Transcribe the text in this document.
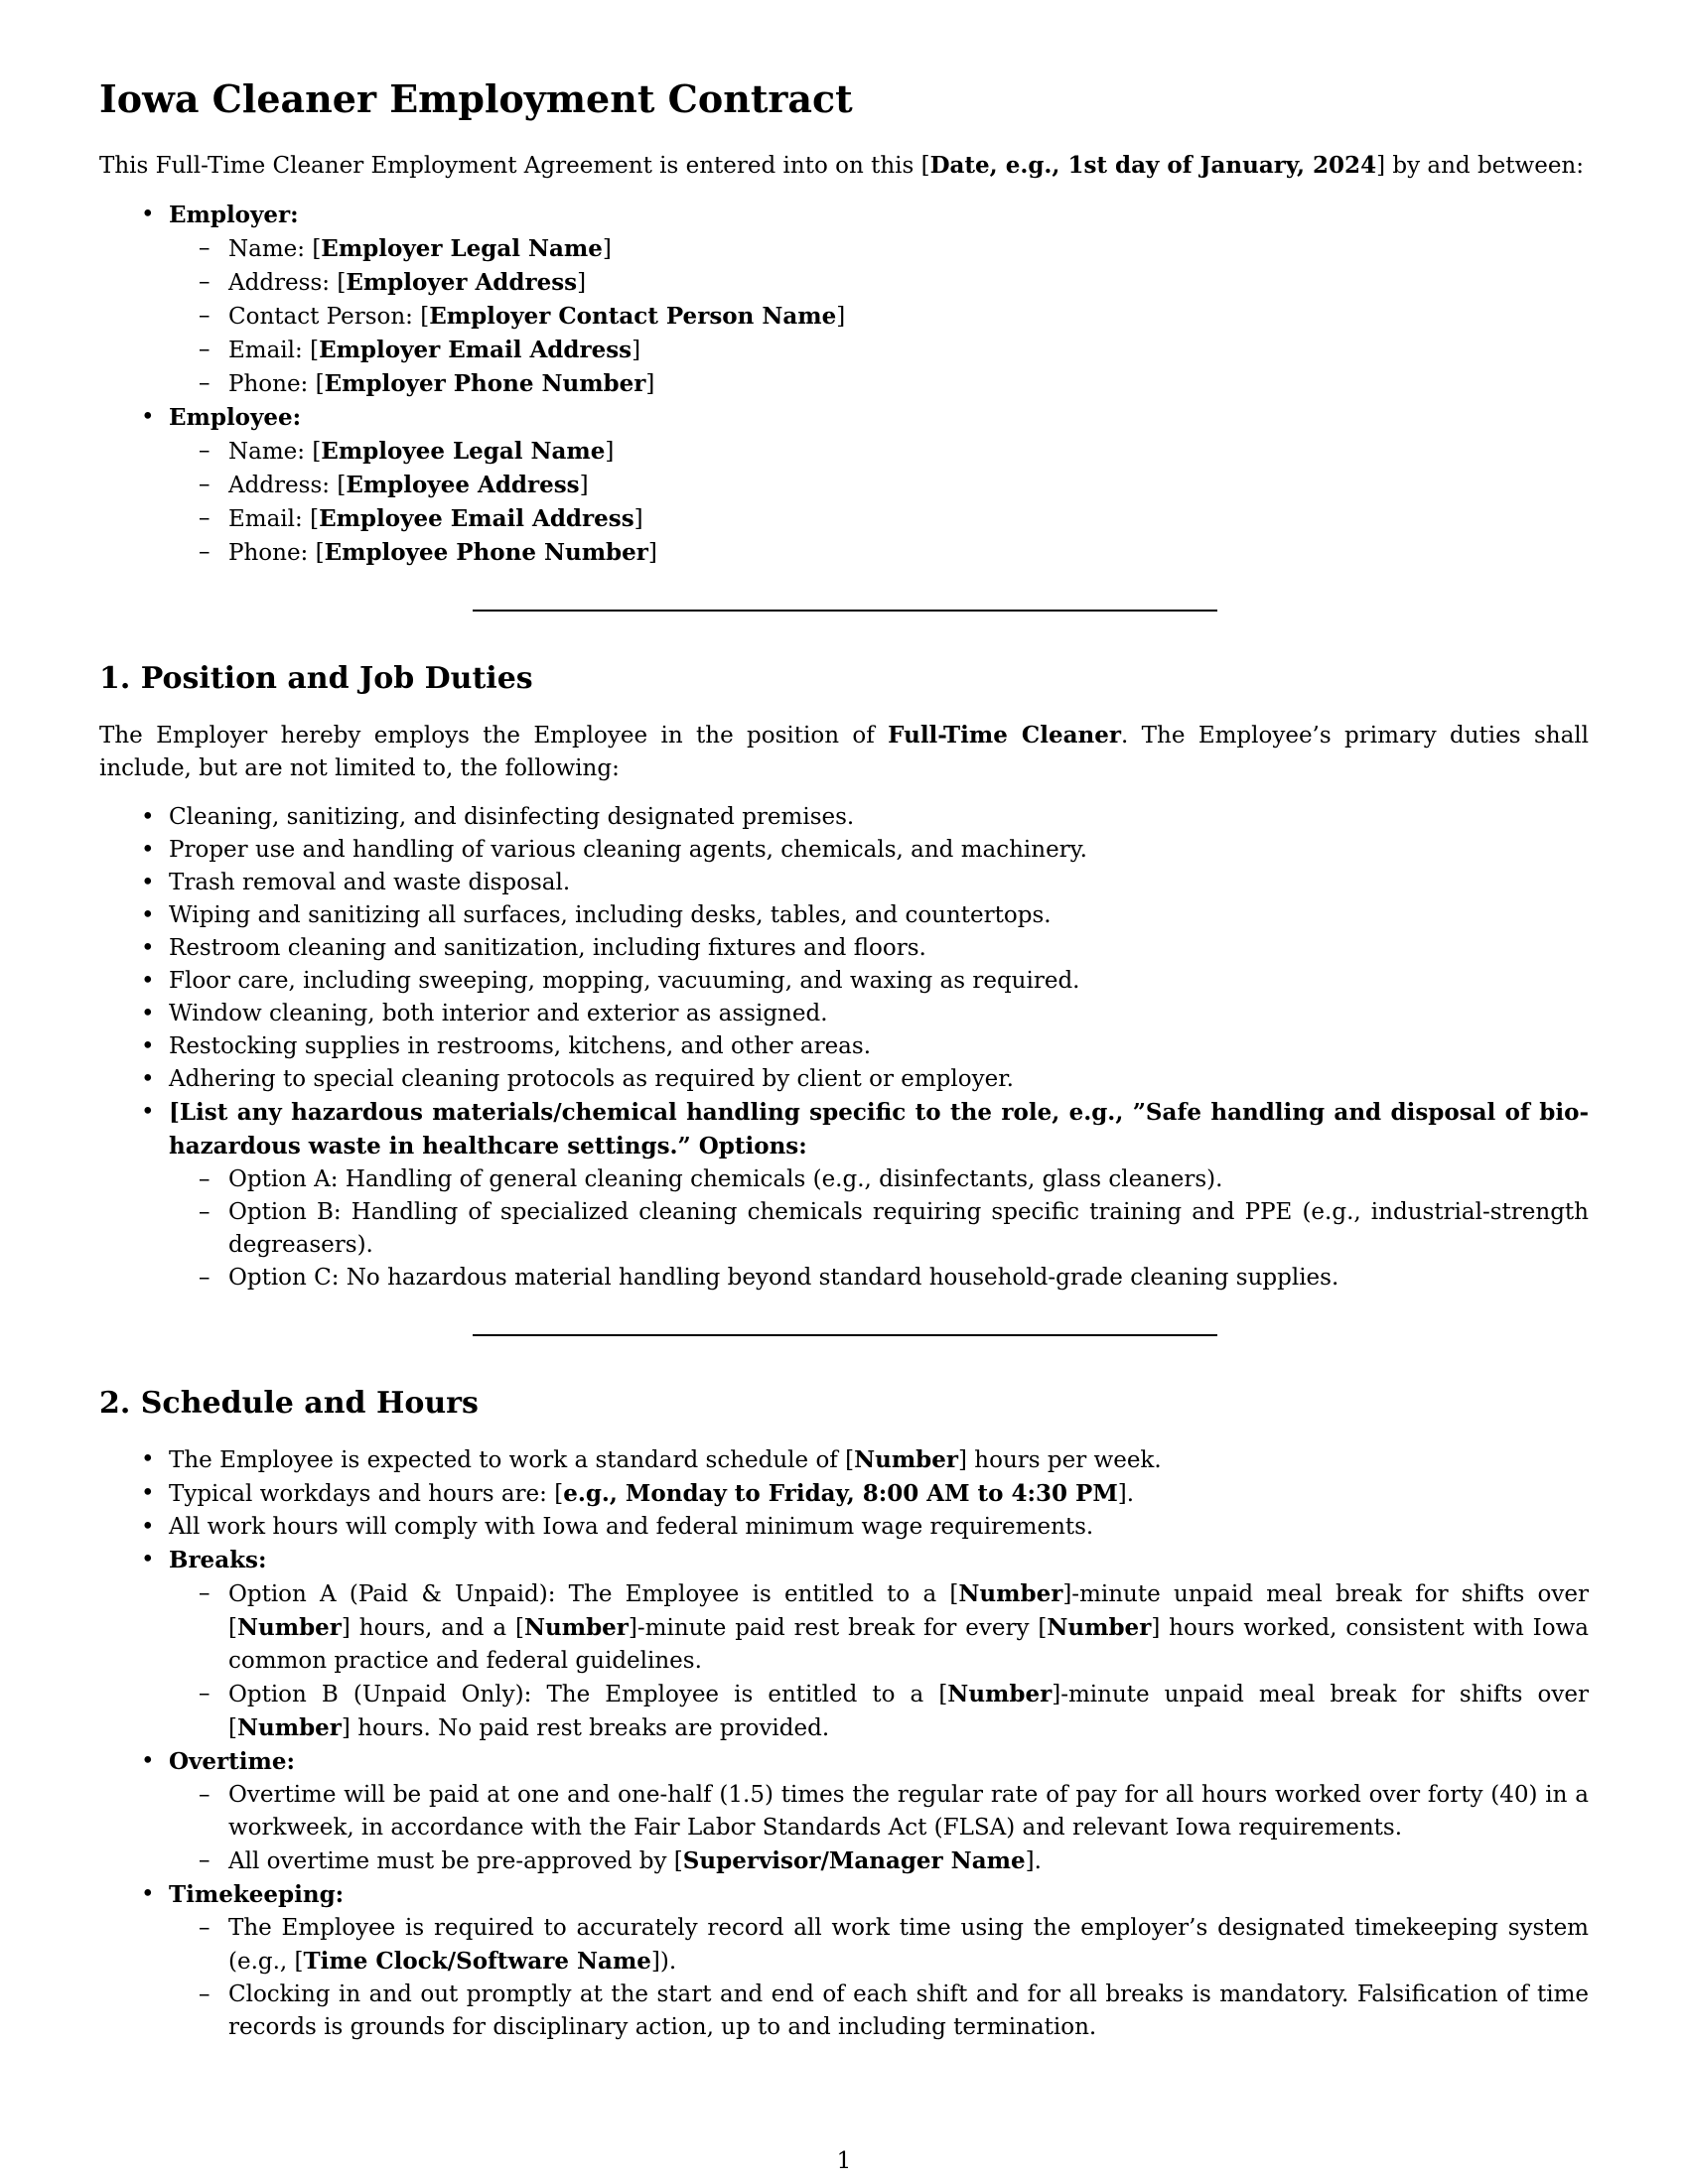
Iowa Cleaner Employment Contract

This Full-Time Cleaner Employment Agreement is entered into on this [Date, e.g., 1st day of January, 2024] by and between:

• Employer:
– Name: [Employer Legal Name]
– Address: [Employer Address]
– Contact Person: [Employer Contact Person Name]
– Email: [Employer Email Address]
– Phone: [Employer Phone Number]
• Employee:
– Name: [Employee Legal Name]
– Address: [Employee Address]
– Email: [Employee Email Address]
– Phone: [Employee Phone Number]
1. Position and Job Duties

The Employer hereby employs the Employee in the position of Full-Time Cleaner. The Employee’s primary duties shall include, but are not limited to, the following:

• Cleaning, sanitizing, and disinfecting designated premises.
• Proper use and handling of various cleaning agents, chemicals, and machinery.
• Trash removal and waste disposal.
• Wiping and sanitizing all surfaces, including desks, tables, and countertops.
• Restroom cleaning and sanitization, including fixtures and floors.
• Floor care, including sweeping, mopping, vacuuming, and waxing as required.
• Window cleaning, both interior and exterior as assigned.
• Restocking supplies in restrooms, kitchens, and other areas.
• Adhering to special cleaning protocols as required by client or employer.
• [List any hazardous materials/chemical handling specific to the role, e.g., ”Safe handling and disposal of bio-hazardous waste in healthcare settings.” Options:
– Option A: Handling of general cleaning chemicals (e.g., disinfectants, glass cleaners).
– Option B: Handling of specialized cleaning chemicals requiring specific training and PPE (e.g., industrial-strength degreasers).
– Option C: No hazardous material handling beyond standard household-grade cleaning supplies.
2. Schedule and Hours
• The Employee is expected to work a standard schedule of [Number] hours per week.
• Typical workdays and hours are: [e.g., Monday to Friday, 8:00 AM to 4:30 PM].
• All work hours will comply with Iowa and federal minimum wage requirements.
• Breaks:
– Option A (Paid & Unpaid): The Employee is entitled to a [Number]-minute unpaid meal break for shifts over [Number] hours, and a [Number]-minute paid rest break for every [Number] hours worked, consistent with Iowa common practice and federal guidelines.
– Option B (Unpaid Only): The Employee is entitled to a [Number]-minute unpaid meal break for shifts over [Number] hours. No paid rest breaks are provided.
• Overtime:
– Overtime will be paid at one and one-half (1.5) times the regular rate of pay for all hours worked over forty (40) in a workweek, in accordance with the Fair Labor Standards Act (FLSA) and relevant Iowa requirements.
– All overtime must be pre-approved by [Supervisor/Manager Name].
• Timekeeping:
– The Employee is required to accurately record all work time using the employer’s designated timekeeping system (e.g., [Time Clock/Software Name]).
– Clocking in and out promptly at the start and end of each shift and for all breaks is mandatory. Falsification of time records is grounds for disciplinary action, up to and including termination.
1
